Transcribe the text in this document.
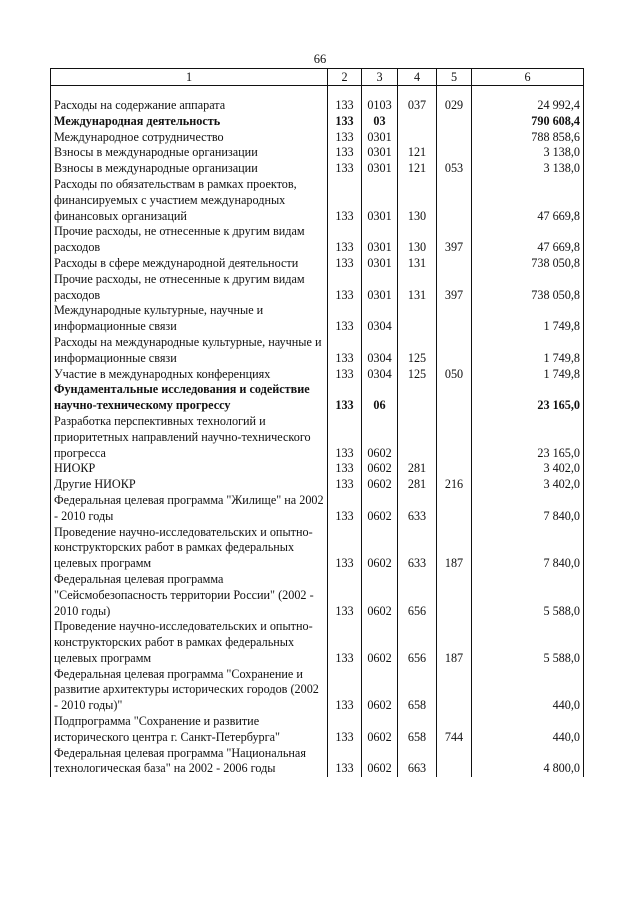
66
1	2	3	4	5	6

Расходы на содержание аппарата	133	0103	037	029	24 992,4
Международная деятельность	133	03			790 608,4
Международное сотрудничество	133	0301			788 858,6
Взносы в международные организации	133	0301	121		3 138,0
Взносы в международные организации	133	0301	121	053	3 138,0
Расходы по обязательствам в рамках проектов, финансируемых с участием международных финансовых организаций	133	0301	130		47 669,8
Прочие расходы, не отнесенные к другим видам расходов	133	0301	130	397	47 669,8
Расходы в сфере международной деятельности	133	0301	131		738 050,8
Прочие расходы, не отнесенные к другим видам расходов	133	0301	131	397	738 050,8
Международные культурные, научные и информационные связи	133	0304			1 749,8
Расходы на международные культурные, научные и информационные связи	133	0304	125		1 749,8
Участие в международных конференциях	133	0304	125	050	1 749,8
Фундаментальные исследования и содействие научно-техническому прогрессу	133	06			23 165,0
Разработка перспективных технологий и приоритетных направлений научно-технического прогресса	133	0602			23 165,0
НИОКР	133	0602	281		3 402,0
Другие НИОКР	133	0602	281	216	3 402,0
Федеральная целевая программа "Жилище" на 2002 - 2010 годы	133	0602	633		7 840,0
Проведение научно-исследовательских и опытно-конструкторских работ в рамках федеральных целевых программ	133	0602	633	187	7 840,0
Федеральная целевая программа "Сейсмобезопасность территории России" (2002 - 2010 годы)	133	0602	656		5 588,0
Проведение научно-исследовательских и опытно-конструкторских работ в рамках федеральных целевых программ	133	0602	656	187	5 588,0
Федеральная целевая программа "Сохранение и развитие архитектуры исторических городов (2002 - 2010 годы)"	133	0602	658		440,0
Подпрограмма "Сохранение и развитие исторического центра г. Санкт-Петербурга"	133	0602	658	744	440,0
Федеральная целевая программа "Национальная технологическая база" на 2002 - 2006 годы	133	0602	663		4 800,0
